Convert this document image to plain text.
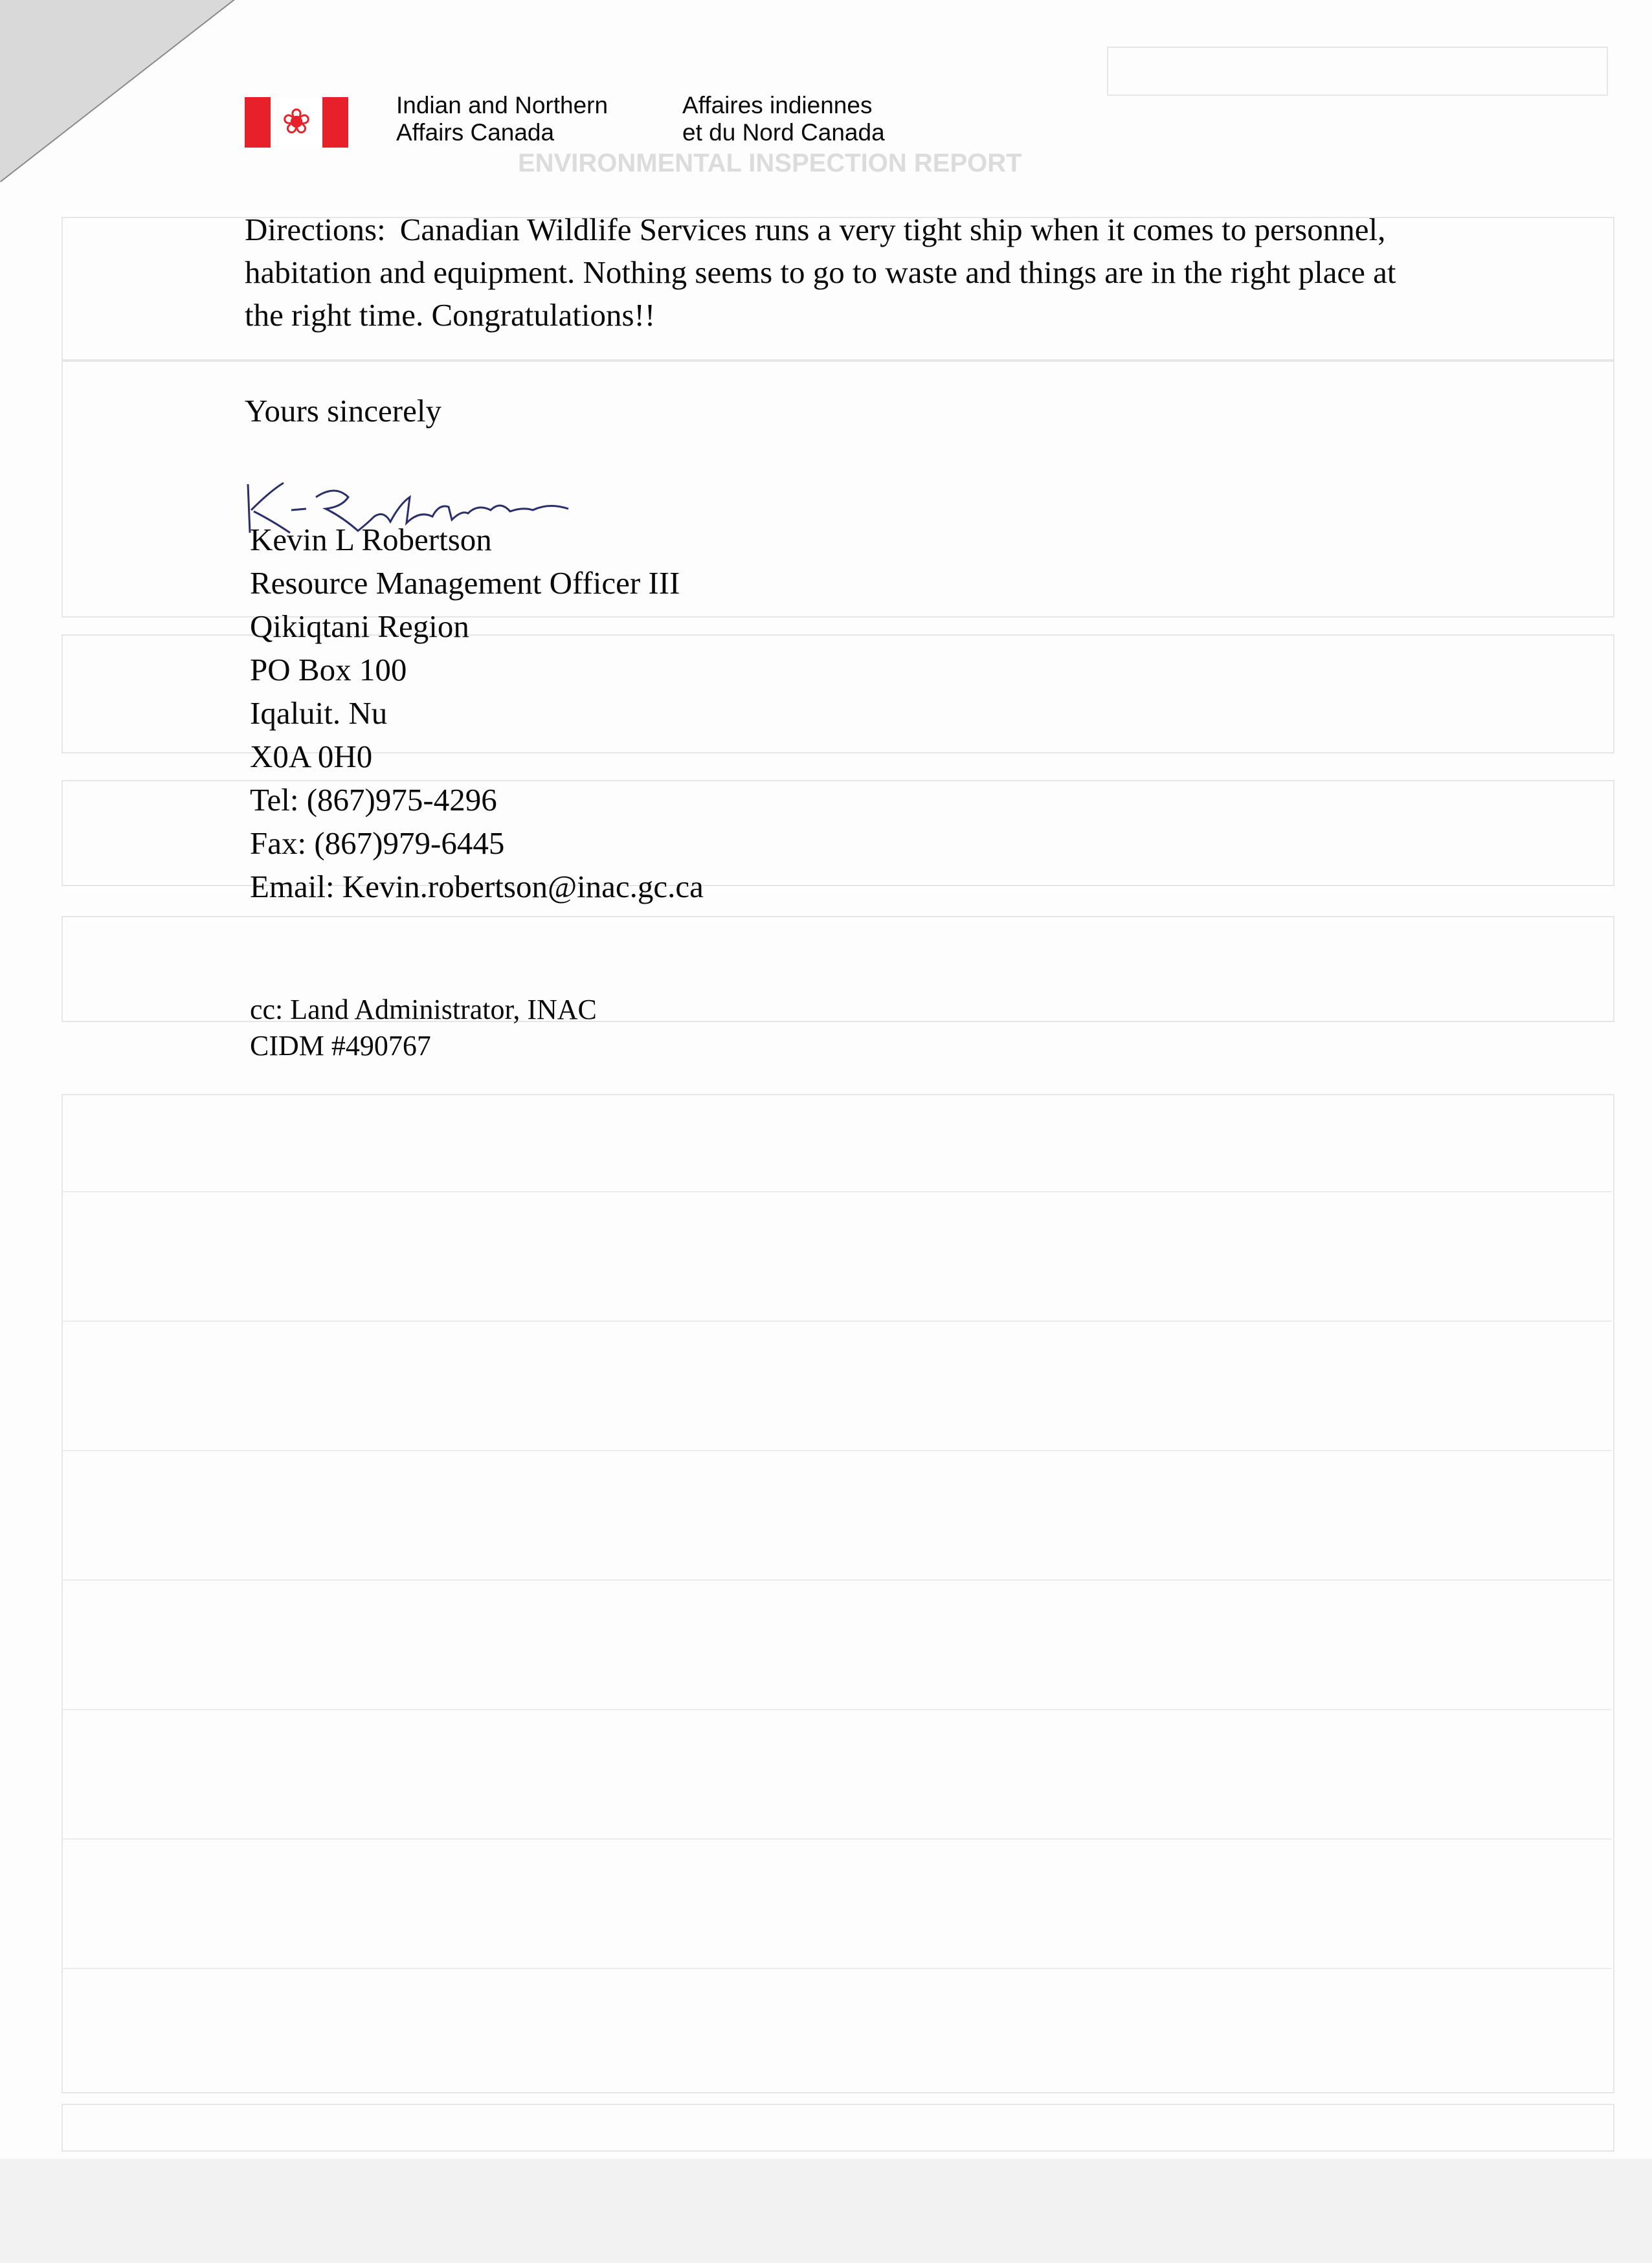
ENVIRONMENTAL INSPECTION REPORT
❀	Indian and Northern
Affairs Canada
Affaires indiennes
et du Nord Canada
Directions: Canadian Wildlife Services runs a very tight ship when it comes to personnel, habitation and equipment. Nothing seems to go to waste and things are in the right place at the right time. Congratulations!!
Yours sincerely
Kevin L Robertson
Resource Management Officer III
Qikiqtani Region
PO Box 100
Iqaluit. Nu
X0A 0H0
Tel: (867)975-4296
Fax: (867)979-6445
Email: Kevin.robertson@inac.gc.ca
cc: Land Administrator, INAC
CIDM #490767
